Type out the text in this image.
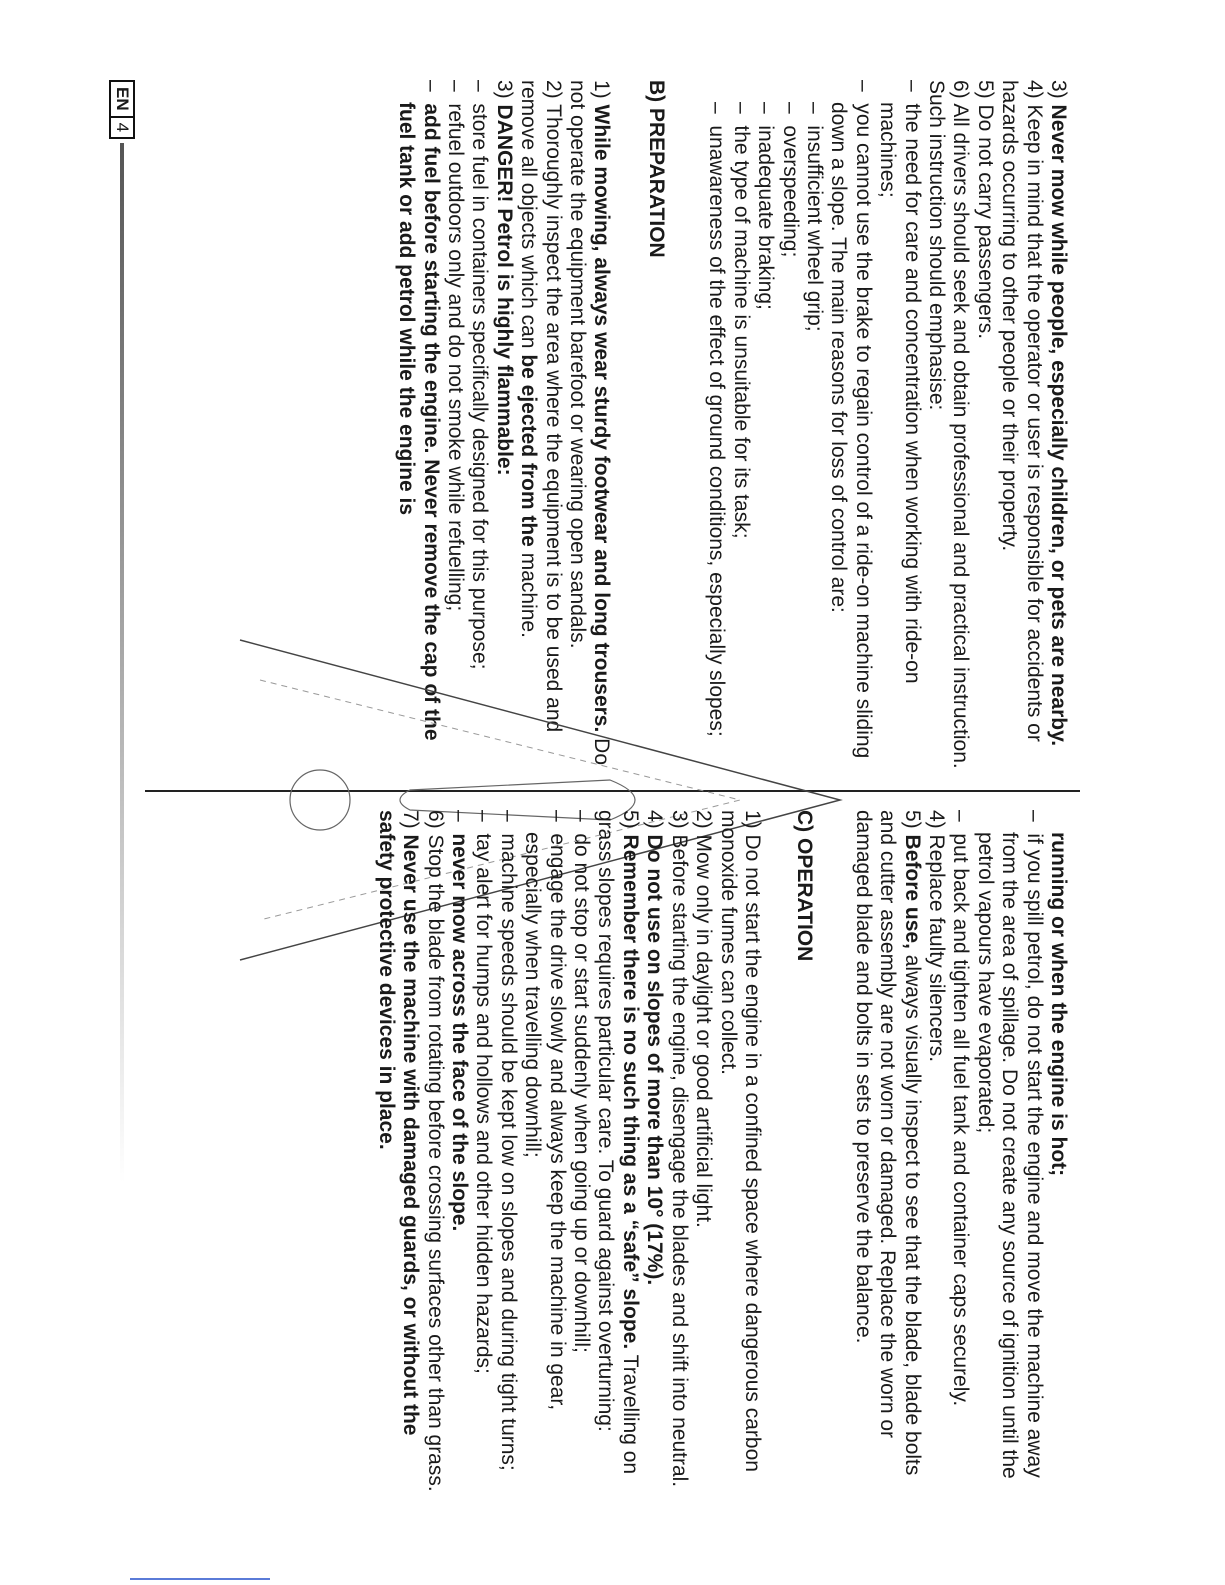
3) Never mow while people, especially children, or pets are nearby.

4) Keep in mind that the operator or user is responsible for accidents or hazards occurring to other people or their property.

5) Do not carry passengers.

6) All drivers should seek and obtain professional and practical instruction. Such instruction should emphasise:

–  the need for care and concentration when working with ride-on machines;

–  you cannot use the brake to regain control of a ride-on machine sliding down a slope. The main reasons for loss of control are:

–  insufficient wheel grip;

–  overspeeding;

–  inadequate braking;

–  the type of machine is unsuitable for its task;

–  unawareness of the effect of ground conditions, especially slopes;

B) PREPARATION

1) While mowing, always wear sturdy footwear and long trousers. Do not operate the equipment barefoot or wearing open sandals.

2) Thoroughly inspect the area where the equipment is to be used and remove all objects which can be ejected from the machine.

3) DANGER! Petrol is highly flammable:

–  store fuel in containers specifically designed for this purpose;

–  refuel outdoors only and do not smoke while refuelling;

–  add fuel before starting the engine. Never remove the cap of the fuel tank or add petrol while the engine is

running or when the engine is hot;

–  if you spill petrol, do not start the engine and move the machine away from the area of spillage. Do not create any source of ignition until the petrol vapours have evaporated;

–  put back and tighten all fuel tank and container caps securely.

4) Replace faulty silencers.

5) Before use, always visually inspect to see that the blade, blade bolts and cutter assembly are not worn or damaged. Replace the worn or damaged blade and bolts in sets to preserve the balance.

C) OPERATION

1) Do not start the engine in a confined space where dangerous carbon monoxide fumes can collect.

2) Mow only in daylight or good artificial light.

3) Before starting the engine, disengage the blades and shift into neutral.

4) Do not use on slopes of more than 10° (17%).

5) Remember there is no such thing as a “safe” slope. Travelling on grass slopes requires particular care. To guard against overturning:

–  do not stop or start suddenly when going up or downhill;

–  engage the drive slowly and always keep the machine in gear, especially when travelling downhill;

–  machine speeds should be kept low on slopes and during tight turns;

–  tay alert for humps and hollows and other hidden hazards;

–  never mow across the face of the slope.

6) Stop the blade from rotating before crossing surfaces other than grass.

7) Never use the machine with damaged guards, or without the safety protective devices in place.

EN
4
